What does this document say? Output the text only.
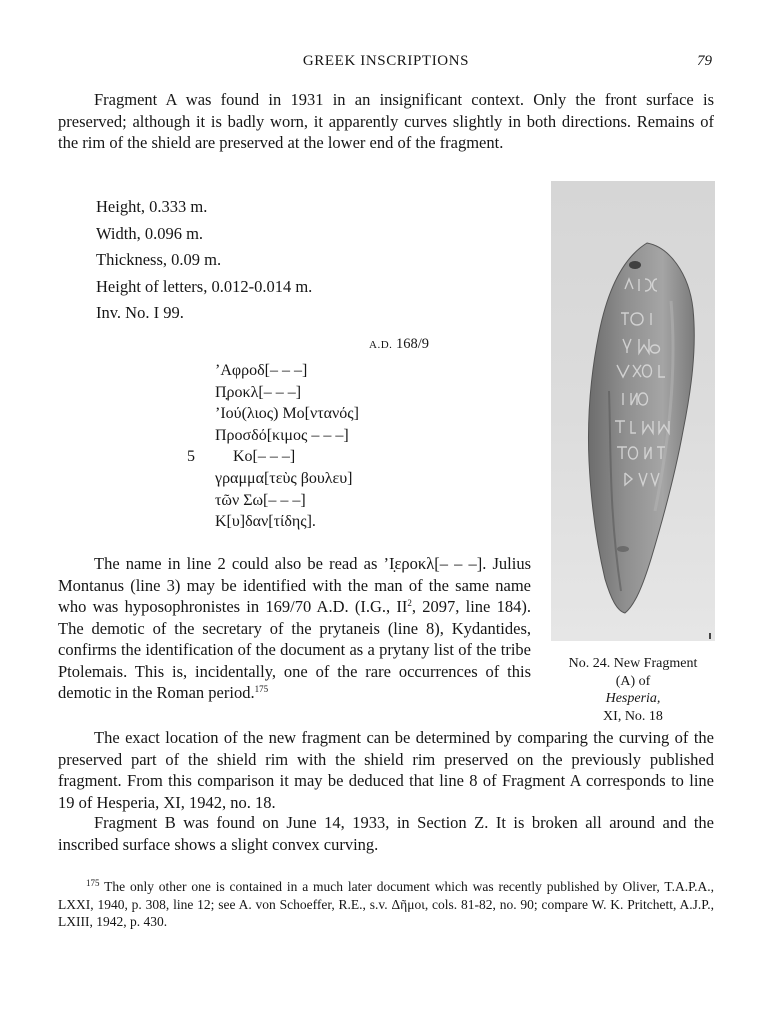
GREEK INSCRIPTIONS	79

Fragment A was found in 1931 in an insignificant context. Only the front surface is preserved; although it is badly worn, it apparently curves slightly in both directions. Remains of the rim of the shield are preserved at the lower end of the fragment.

Height, 0.333 m.
Width, 0.096 m.
Thickness, 0.09 m.
Height of letters, 0.012-0.014 m.
Inv. No. I 99.
A.D. 168/9
’Αφροδ[– – –]
Π̣ροκλ[– – –]
’Ιού(λιος) Μο[ντανός]
Προσδό[κιμος – – –]
5	Κο[– – –]
γραμμα[τεὺς βουλευ]
τῶν Σω[– – –]
Κ[υ]δαν[τίδης].
No. 24. New Fragment
(A) of
Hesperia,
XI, No. 18

The name in line 2 could also be read as ’Ι̣εροκλ[– – –]. Julius Montanus (line 3) may be identified with the man of the same name who was hyposophronistes in 169/70 A.D. (I.G., $II^2$, 2097, line 184). The demotic of the secretary of the prytaneis (line 8), Kydantides, confirms the identification of the document as a prytany list of the tribe Ptolemais. This is, incidentally, one of the rare occurrences of this demotic in the Roman period.$^{175}$

The exact location of the new fragment can be determined by comparing the curving of the preserved part of the shield rim with the shield rim preserved on the previously published fragment. From this comparison it may be deduced that line 8 of Fragment A corresponds to line 19 of Hesperia, XI, 1942, no. 18.

Fragment B was found on June 14, 1933, in Section Z. It is broken all around and the inscribed surface shows a slight convex curving.

$^{175}$ The only other one is contained in a much later document which was recently published by Oliver, T.A.P.A., LXXI, 1940, p. 308, line 12; see A. von Schoeffer, R.E., s.v. Δῆμοι, cols. 81-82, no. 90; compare W. K. Pritchett, A.J.P., LXIII, 1942, p. 430.
